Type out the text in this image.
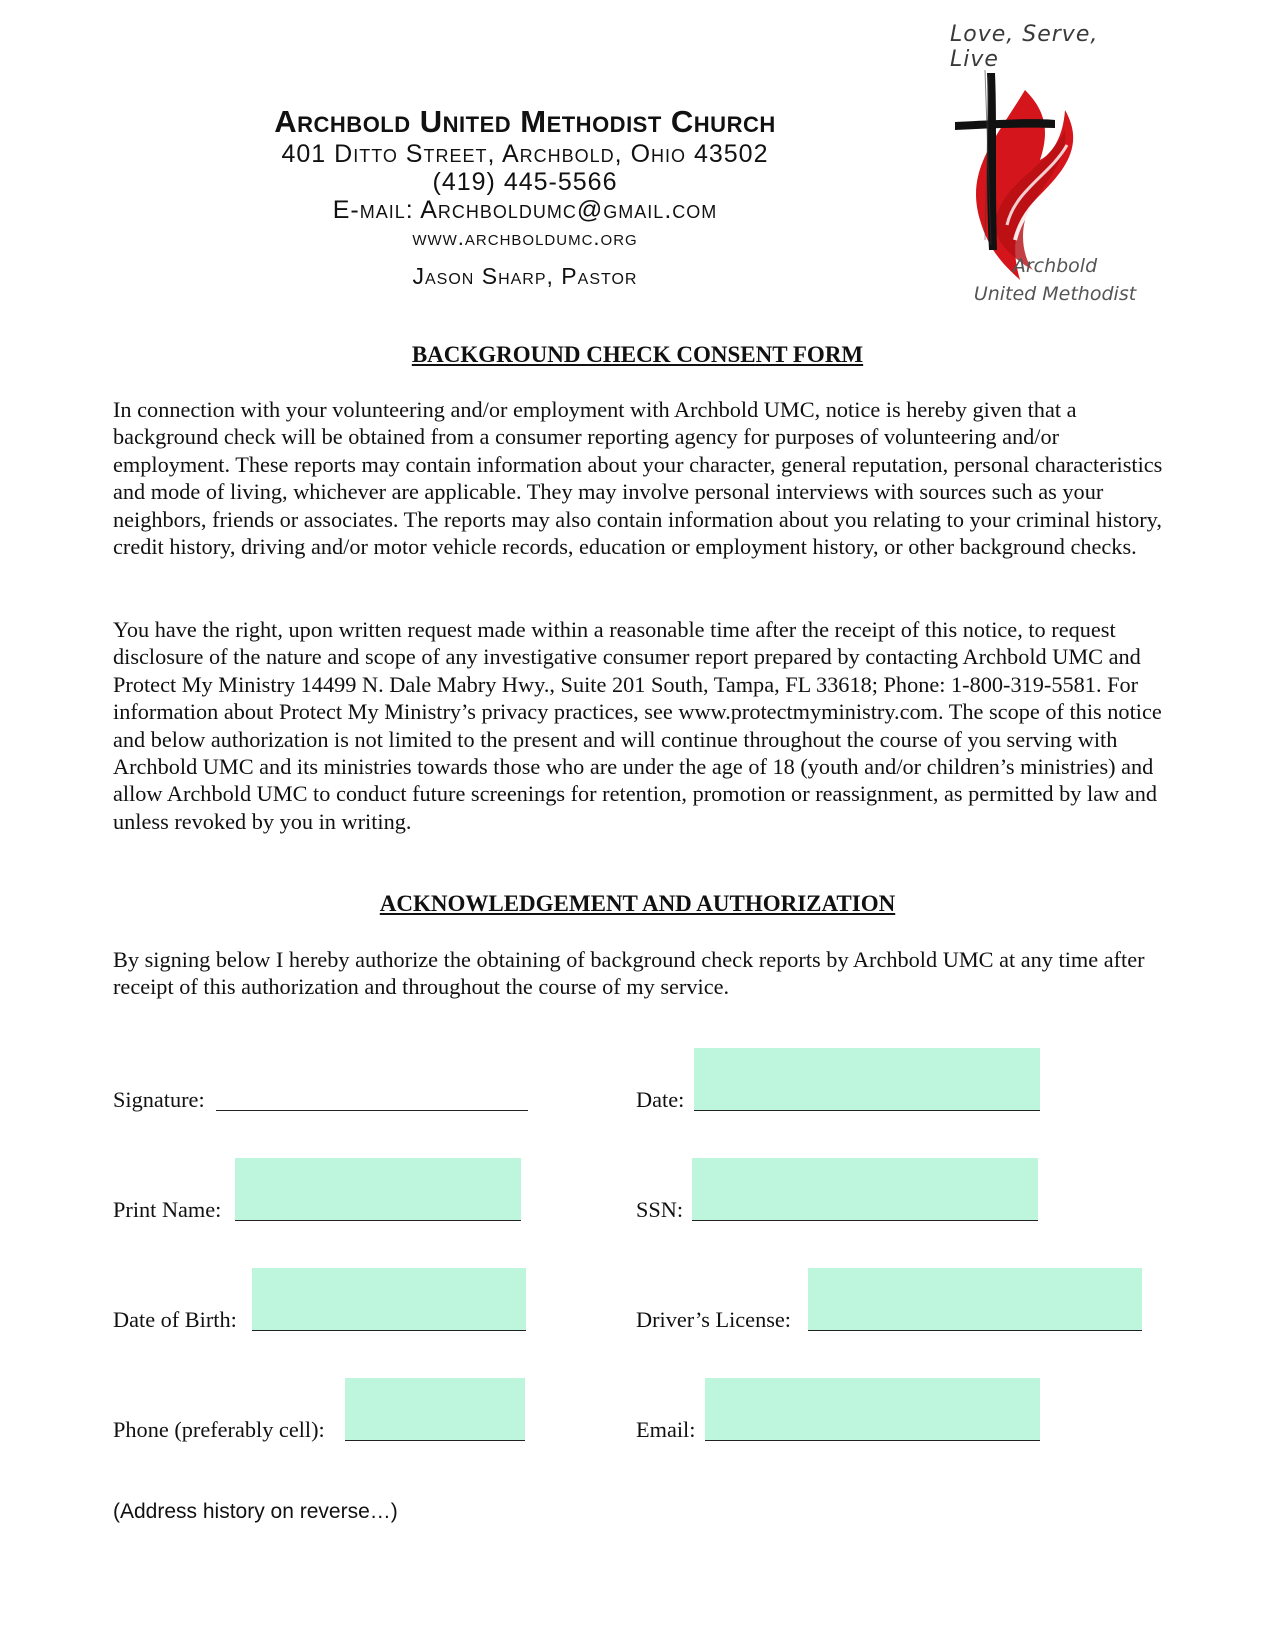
Love, Serve, Live
Archbold United Methodist Church
401 Ditto Street, Archbold, Ohio 43502
(419) 445-5566
E-mail: Archboldumc@gmail.com
www.archboldumc.org
Jason Sharp, Pastor	Archbold
United Methodist
BACKGROUND CHECK CONSENT FORM

In connection with your volunteering and/or employment with Archbold UMC, notice is hereby given that a background check will be obtained from a consumer reporting agency for purposes of volunteering and/or employment. These reports may contain information about your character, general reputation, personal characteristics and mode of living, whichever are applicable. They may involve personal interviews with sources such as your neighbors, friends or associates. The reports may also contain information about you relating to your criminal history, credit history, driving and/or motor vehicle records, education or employment history, or other background checks.

You have the right, upon written request made within a reasonable time after the receipt of this notice, to request disclosure of the nature and scope of any investigative consumer report prepared by contacting Archbold UMC and Protect My Ministry 14499 N. Dale Mabry Hwy., Suite 201 South, Tampa, FL 33618; Phone: 1-800-319-5581. For information about Protect My Ministry’s privacy practices, see www.protectmyministry.com. The scope of this notice and below authorization is not limited to the present and will continue throughout the course of you serving with Archbold UMC and its ministries towards those who are under the age of 18 (youth and/or children’s ministries) and allow Archbold UMC to conduct future screenings for retention, promotion or reassignment, as permitted by law and unless revoked by you in writing.

ACKNOWLEDGEMENT AND AUTHORIZATION

By signing below I hereby authorize the obtaining of background check reports by Archbold UMC at any time after receipt of this authorization and throughout the course of my service.

Signature:	Date:
Print Name:	SSN:
Date of Birth:	Driver’s License:
Phone (preferably cell):	Email:
(Address history on reverse…)
